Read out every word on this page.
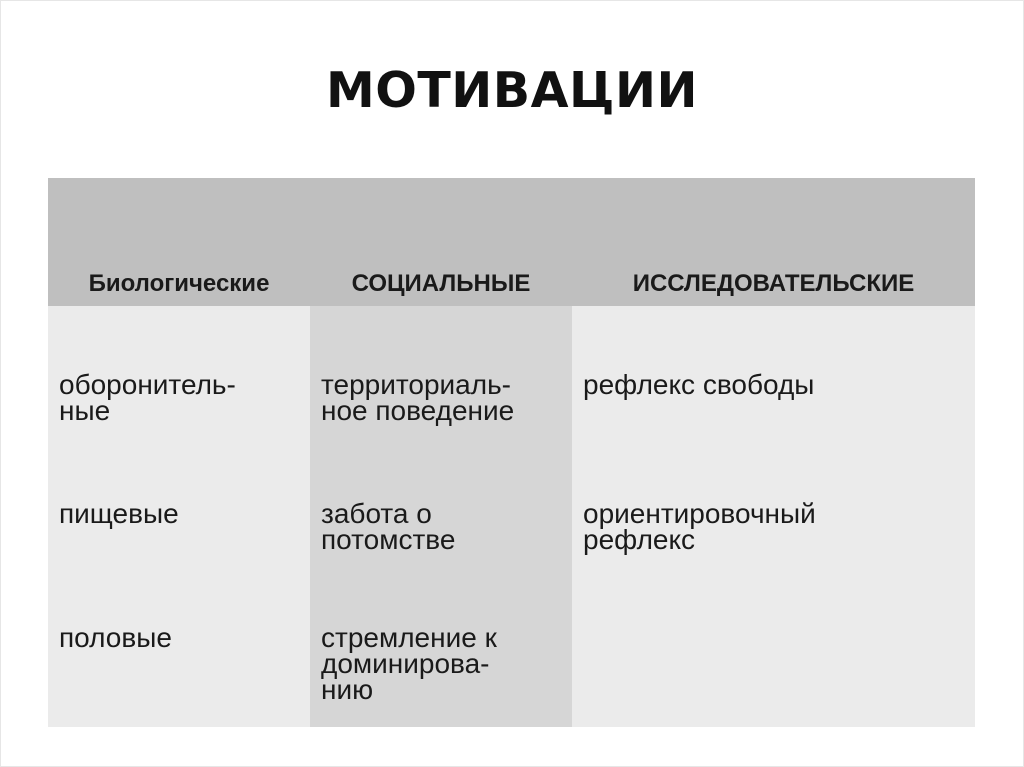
МОТИВАЦИИ
Биологические	СОЦИАЛЬНЫЕ	ИССЛЕДОВАТЕЛЬСКИЕ
оборонитель-
ные
пищевые
половые
территориаль-
ное поведение
забота о
потомстве
стремление к
доминирова-
нию
рефлекс свободы
ориентировочный
рефлекс
